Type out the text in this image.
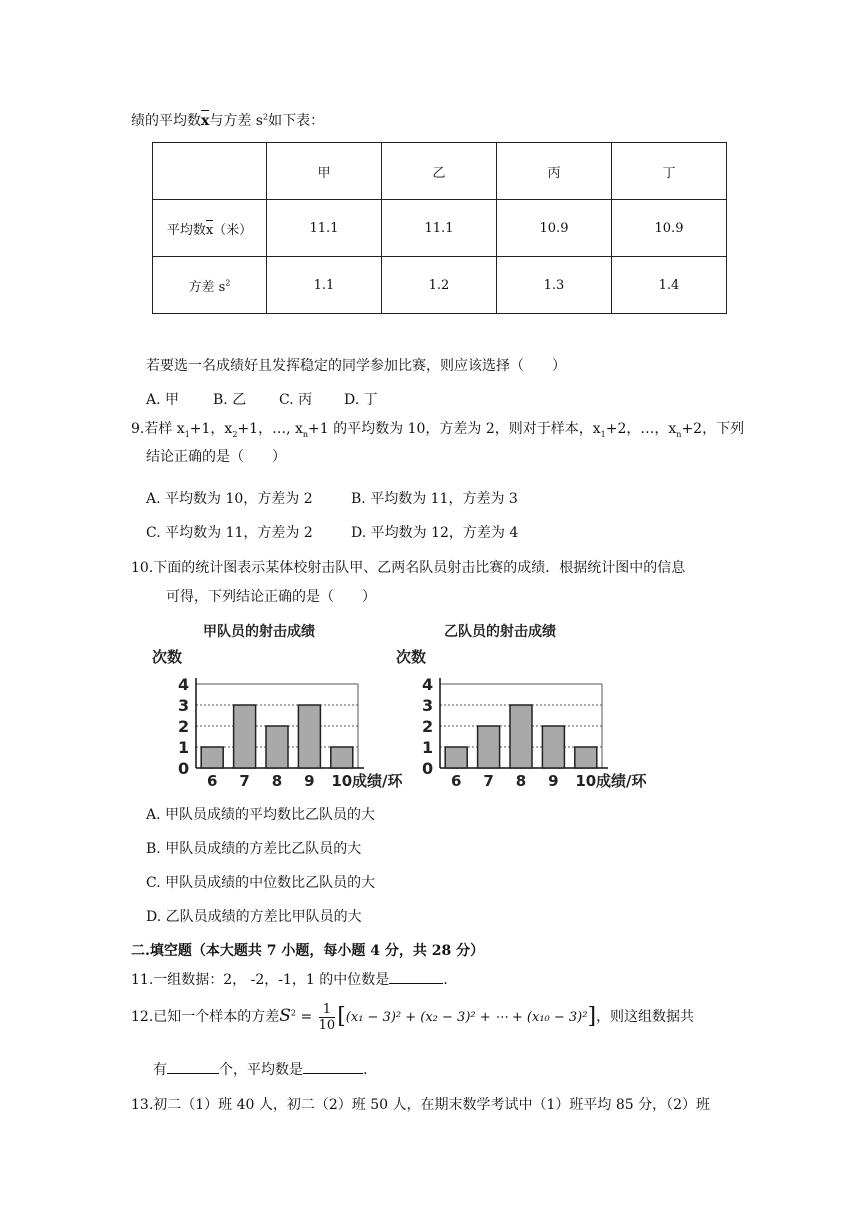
绩的平均数x与方差 $s^2$如下表：
	甲	乙	丙	丁
平均数x（米）	11.1	11.1	10.9	10.9
方差 $s^2$	1.1	1.2	1.3	1.4
若要选一名成绩好且发挥稳定的同学参加比赛，则应该选择（　　）
A. 甲 B. 乙 C. 丙 D. 丁
9.若样 $x_1+1$，$x_2+1$，…, $x_n+1$ 的平均数为 10，方差为 2，则对于样本，$x_1+2$，…，$x_n+2$，下列
结论正确的是（　　）
A. 平均数为 10，方差为 2	B. 平均数为 11，方差为 3
C. 平均数为 11，方差为 2	D. 平均数为 12，方差为 4
10.下面的统计图表示某体校射击队甲、乙两名队员射击比赛的成绩．根据统计图中的信息
可得，下列结论正确的是（　　）
甲队员的射击成绩
次数
0
1
2
3
4
6 7 8 9 10 成绩/环
乙队员的射击成绩
次数
0
1
2
3
4
6 7 8 9 10 成绩/环
A. 甲队员成绩的平均数比乙队员的大
B. 甲队员成绩的方差比乙队员的大
C. 甲队员成绩的中位数比乙队员的大
D. 乙队员成绩的方差比甲队员的大
二.填空题（本大题共 7 小题，每小题 4 分，共 28 分）
11.一组数据：2， -2，-1，1 的中位数是	.
12.已知一个样本的方差$S^2 = \frac{1}{10} [(x_1 - 3)^2 + (x_2 - 3)^2$ + ⋯ + (x₁₀ − 3)²]，则这组数据共
有	个，平均数是	.
13.初二（1）班 40 人，初二（2）班 50 人，在期末数学考试中（1）班平均 85 分，（2）班
